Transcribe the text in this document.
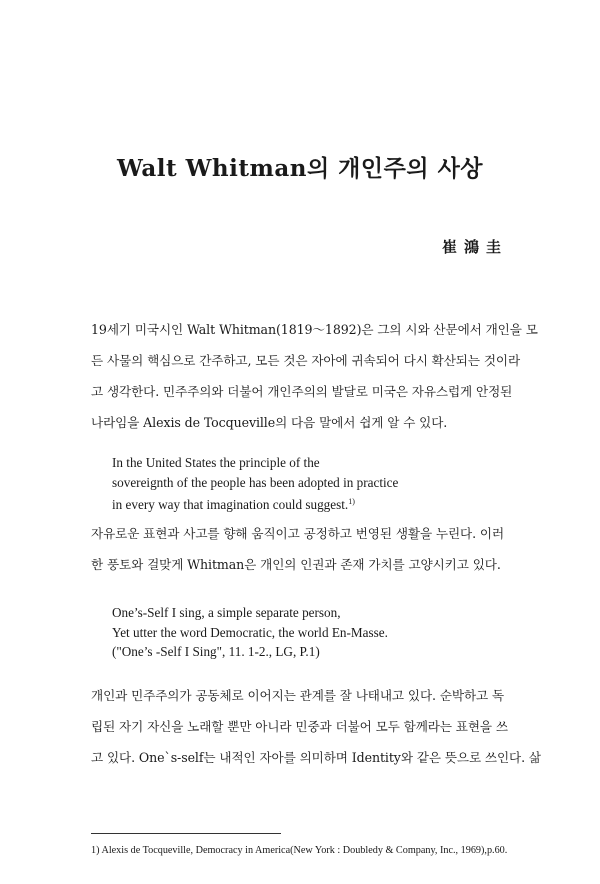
Walt Whitman의 개인주의 사상
崔鴻圭
19세기 미국시인 Walt Whitman(1819～1892)은 그의 시와 산문에서 개인을 모
든 사물의 핵심으로 간주하고, 모든 것은 자아에 귀속되어 다시 확산되는 것이라
고 생각한다. 민주주의와 더불어 개인주의의 발달로 미국은 자유스럽게 안정된
나라임을 Alexis de Tocqueville의 다음 말에서 쉽게 알 수 있다.
In the United States the principle of the
sovereignth of the people has been adopted in practice
in every way that imagination could suggest.$^{1)}$
자유로운 표현과 사고를 향해 움직이고 공정하고 번영된 생활을 누린다. 이러
한 풍토와 걸맞게 Whitman은 개인의 인권과 존재 가치를 고양시키고 있다.
One’s-Self I sing, a simple separate person,
Yet utter the word Democratic, the world En-Masse.
("One’s -Self I Sing", 11. 1-2., LG, P.1)
개인과 민주주의가 공동체로 이어지는 관계를 잘 나태내고 있다. 순박하고 독
립된 자기 자신을 노래할 뿐만 아니라 민중과 더불어 모두 함께라는 표현을 쓰
고 있다. One`s-self는 내적인 자아를 의미하며 Identity와 같은 뜻으로 쓰인다. 삶
1) Alexis de Tocqueville, Democracy in America(New York : Doubledy & Company, Inc., 1969),p.60.
